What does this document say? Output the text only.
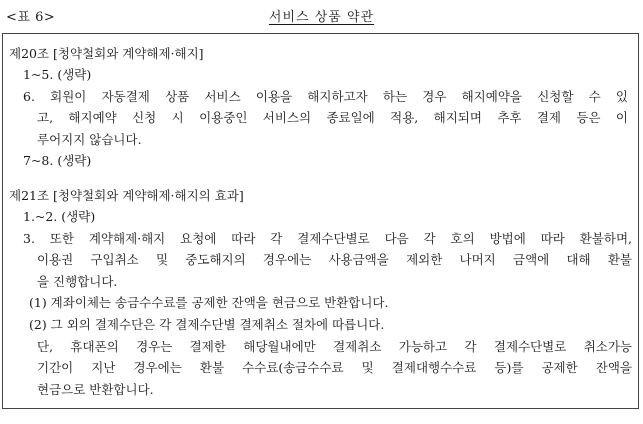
<표 6>	서비스 상품 약관
제20조 [청약철회와 계약해제·해지]
1~5. (생략)
6. 회원이 자동결제 상품 서비스 이용을 해지하고자 하는 경우 해지예약을 신청할 수 있
고, 해지예약 신청 시 이용중인 서비스의 종료일에 적용, 해지되며 추후 결제 등은 이
루어지지 않습니다.
7~8. (생략)
제21조 [청약철회와 계약해제·해지의 효과]
1.~2. (생략)
3. 또한 계약해제·해지 요청에 따라 각 결제수단별로 다음 각 호의 방법에 따라 환불하며,
이용권 구입취소 및 중도해지의 경우에는 사용금액을 제외한 나머지 금액에 대해 환불
을 진행합니다.
(1) 계좌이체는 송금수수료를 공제한 잔액을 현금으로 반환합니다.
(2) 그 외의 결제수단은 각 결제수단별 결제취소 절차에 따릅니다.
단, 휴대폰의 경우는 결제한 해당월내에만 결제취소 가능하고 각 결제수단별로 취소가능
기간이 지난 경우에는 환불 수수료(송금수수료 및 결제대행수수료 등)를 공제한 잔액을
현금으로 반환합니다.
